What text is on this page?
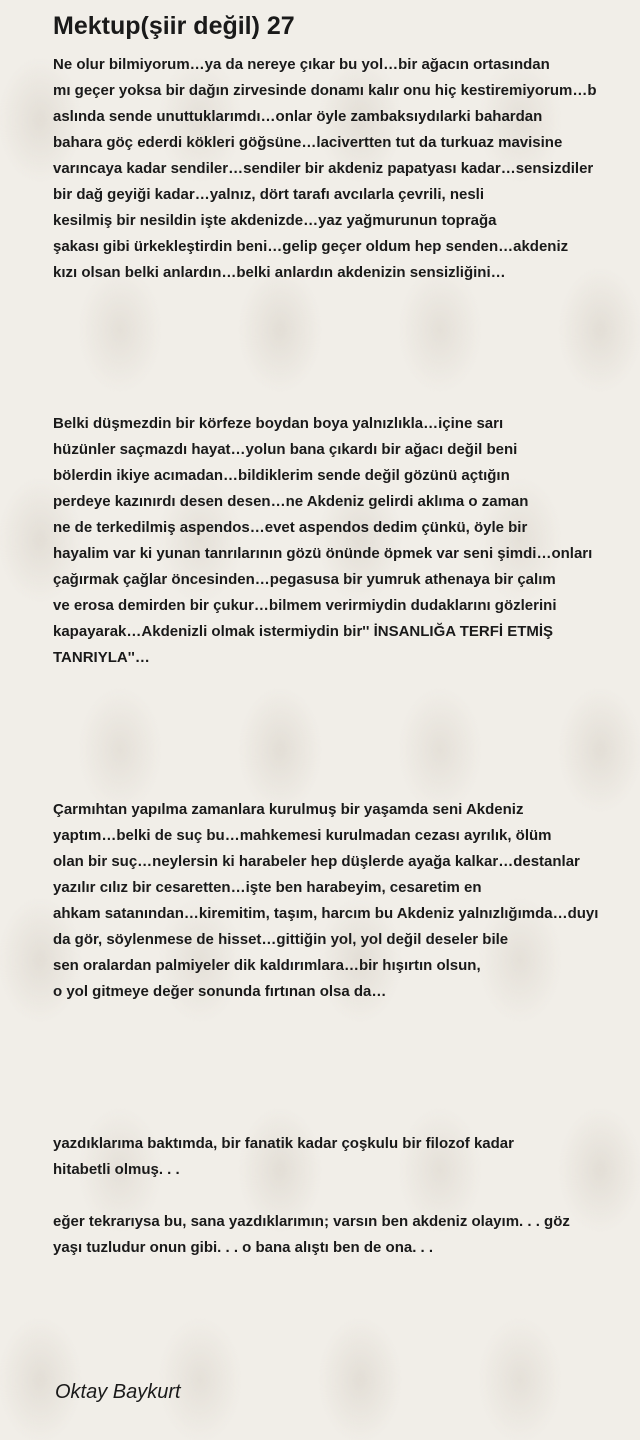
Mektup(şiir değil) 27
Ne olur bilmiyorum…ya da nereye çıkar bu yol…bir ağacın ortasından
mı geçer yoksa bir dağın zirvesinde donamı kalır onu hiç kestiremiyorum…b
aslında sende unuttuklarımdı…onlar öyle zambaksıydılarki bahardan
bahara göç ederdi kökleri göğsüne…lacivertten tut da turkuaz mavisine
varıncaya kadar sendiler…sendiler bir akdeniz papatyası kadar…sensizdiler
bir dağ geyiği kadar…yalnız, dört tarafı avcılarla çevrili, nesli
kesilmiş bir nesildin işte akdenizde…yaz yağmurunun toprağa
şakası gibi ürkekleştirdin beni…gelip geçer oldum hep senden…akdeniz
kızı olsan belki anlardın…belki anlardın akdenizin sensizliğini…
Belki düşmezdin bir körfeze boydan boya yalnızlıkla…içine sarı
hüzünler saçmazdı hayat…yolun bana çıkardı bir ağacı değil beni
bölerdin ikiye acımadan…bildiklerim sende değil gözünü açtığın
perdeye kazınırdı desen desen…ne Akdeniz gelirdi aklıma o zaman
ne de terkedilmiş aspendos…evet aspendos dedim çünkü, öyle bir
hayalim var ki yunan tanrılarının gözü önünde öpmek var seni şimdi…onları
çağırmak çağlar öncesinden…pegasusa bir yumruk athenaya bir çalım
ve erosa demirden bir çukur…bilmem verirmiydin dudaklarını gözlerini
kapayarak…Akdenizli olmak istermiydin bir'' İNSANLIĞA TERFİ ETMİŞ
TANRIYLA''…
Çarmıhtan yapılma zamanlara kurulmuş bir yaşamda seni Akdeniz
yaptım…belki de suç bu…mahkemesi kurulmadan cezası ayrılık, ölüm
olan bir suç…neylersin ki harabeler hep düşlerde ayağa kalkar…destanlar
yazılır cılız bir cesaretten…işte ben harabeyim, cesaretim en
ahkam satanından…kiremitim, taşım, harcım bu Akdeniz yalnızlığımda…duyı
da gör, söylenmese de hisset…gittiğin yol, yol değil deseler bile
sen oralardan palmiyeler dik kaldırımlara…bir hışırtın olsun,
o yol gitmeye değer sonunda fırtınan olsa da…
yazdıklarıma baktımda, bir fanatik kadar çoşkulu bir filozof kadar
hitabetli olmuş. . .
eğer tekrarıysa bu, sana yazdıklarımın; varsın ben akdeniz olayım. . . göz
yaşı tuzludur onun gibi. . . o bana alıştı ben de ona. . .

Oktay Baykurt
